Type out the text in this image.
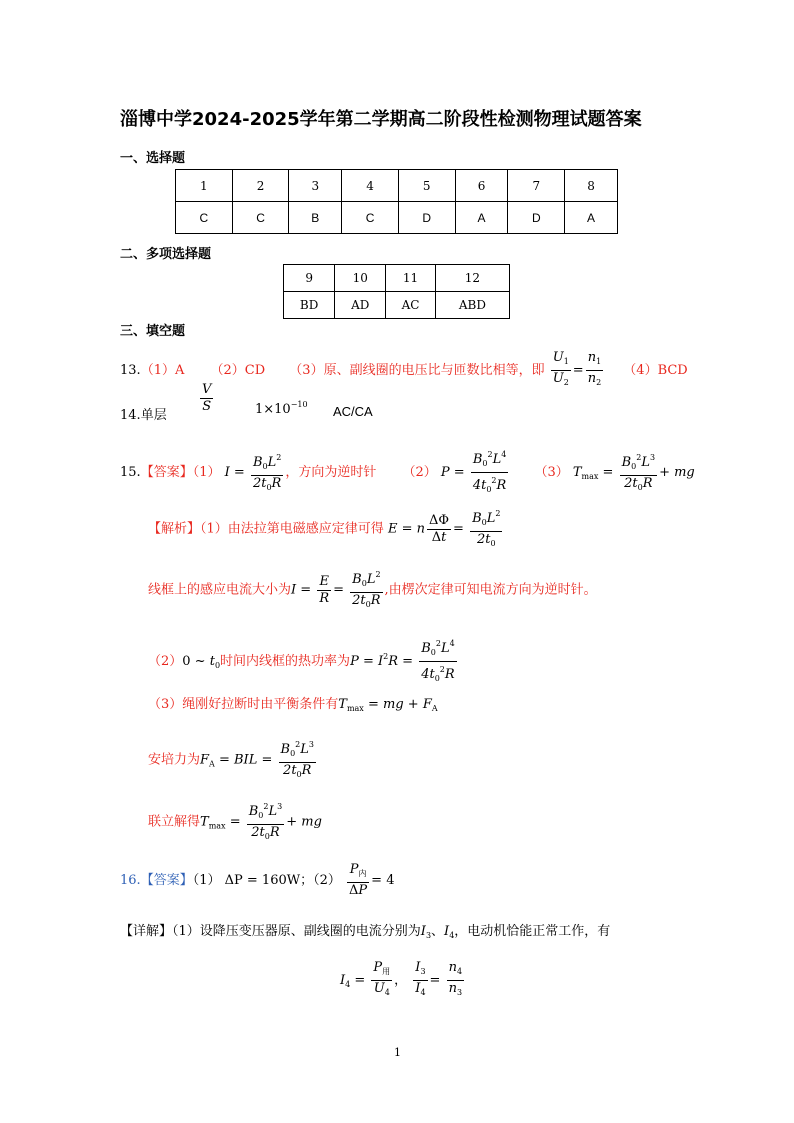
淄博中学2024-2025学年第二学期高二阶段性检测物理试题答案
一、选择题
1	2	3	4	5	6	7	8
C	C	B	C	D	A	D	A
二、多项选择题
9	10	11	12
BD	AD	AC	ABD
三、填空题
13.（1）A （2）CD （3）原、副线圈的电压比与匝数比相等，即 $\frac{U_1}{U_2} = \frac{n_1}{n_2} (4)BCD$
14.单层
$\frac{V}{S}$	$1\times 10^{-10}$ AC/CA
15.【答案】（1） $I = \frac{B_0L^2}{2t_0R}$ ，方向为逆时针 （2） $P = \frac{B_0^2L^4}{4t_0^2R} (3) T_{max} = \frac{B_0^2L^3}{2t_0R}$ + mg
【解析】（1）由法拉第电磁感应定律可得 E = n $\frac{\Delta\Phi}{\Delta t} = \frac{B_0L^2}{2t_0}$
线框上的感应电流大小为$I = \frac{E}{R} = \frac{B_0L^2}{2t_0R}$ ,由楞次定律可知电流方向为逆时针。
（2）0 ~ $t_0$时间内线框的热功率为$P = I^2R = \frac{B_0^2L^4}{4t_0^2R}$
（3）绳刚好拉断时由平衡条件有$T_{max}$ = mg + $F_A$
安培力为$F_A$ = BIL = $\frac{B_0^2L^3}{2t_0R}$
联立解得$T_{max} = \frac{B_0^2L^3}{2t_0R}$ + mg
16.【答案】（1） ΔP = 160W；$(2) \frac{P_内}{\Delta P} = 4$
【详解】（1）设降压变压器原、副线圈的电流分别为$I_3$、$I_4$，电动机恰能正常工作，有
$I_4 = \frac{P_用}{U_4}$ ， $\frac{I_3}{I_4} = \frac{n_4}{n_3}$
1
